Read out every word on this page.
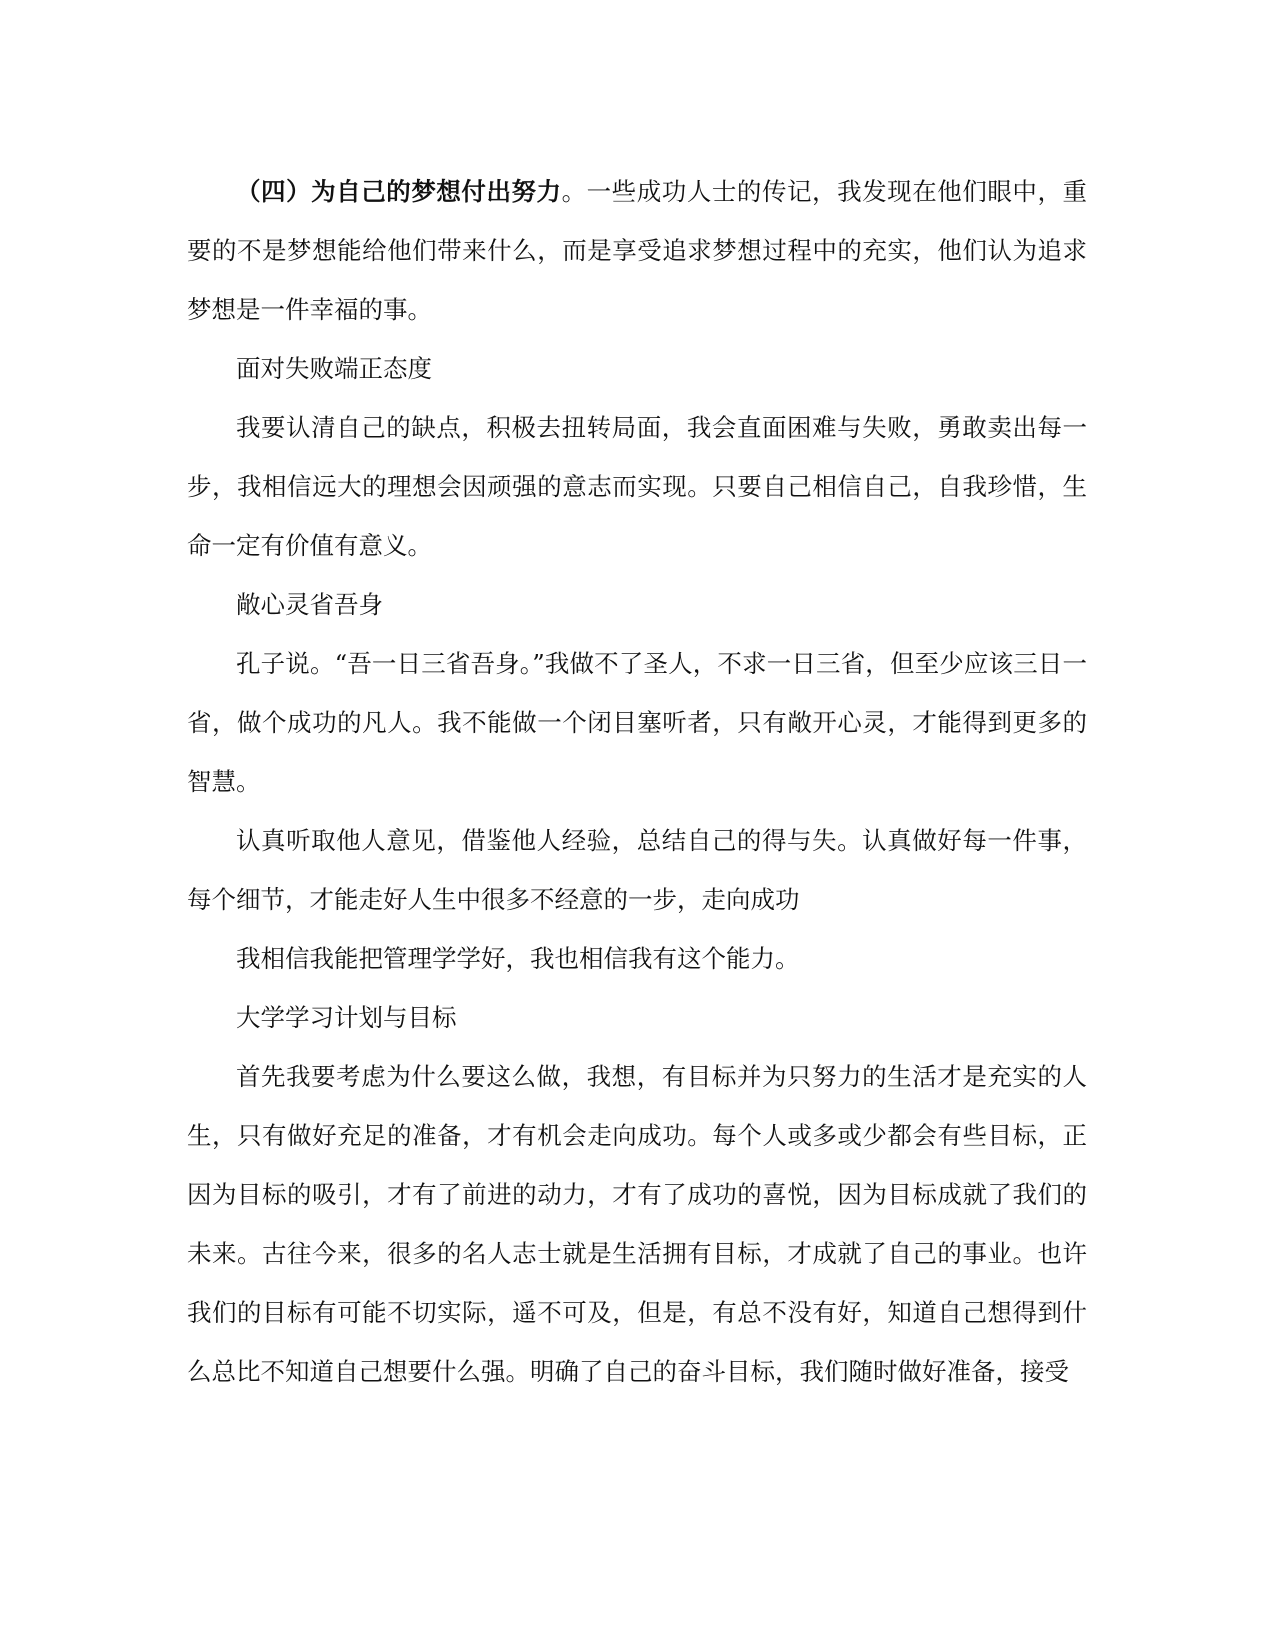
（四）为自己的梦想付出努力。一些成功人士的传记，我发现在他们眼中，重要的不是梦想能给他们带来什么，而是享受追求梦想过程中的充实，他们认为追求梦想是一件幸福的事。

面对失败端正态度

我要认清自己的缺点，积极去扭转局面，我会直面困难与失败，勇敢卖出每一步，我相信远大的理想会因顽强的意志而实现。只要自己相信自己，自我珍惜，生命一定有价值有意义。

敞心灵省吾身

孔子说。“吾一日三省吾身。”我做不了圣人，不求一日三省，但至少应该三日一省，做个成功的凡人。我不能做一个闭目塞听者，只有敞开心灵，才能得到更多的智慧。

认真听取他人意见，借鉴他人经验，总结自己的得与失。认真做好每一件事，每个细节，才能走好人生中很多不经意的一步，走向成功

我相信我能把管理学学好，我也相信我有这个能力。

大学学习计划与目标

首先我要考虑为什么要这么做，我想，有目标并为只努力的生活才是充实的人生，只有做好充足的准备，才有机会走向成功。每个人或多或少都会有些目标，正因为目标的吸引，才有了前进的动力，才有了成功的喜悦，因为目标成就了我们的未来。古往今来，很多的名人志士就是生活拥有目标，才成就了自己的事业。也许我们的目标有可能不切实际，遥不可及，但是，有总不没有好，知道自己想得到什么总比不知道自己想要什么强。明确了自己的奋斗目标，我们随时做好准备，接受
